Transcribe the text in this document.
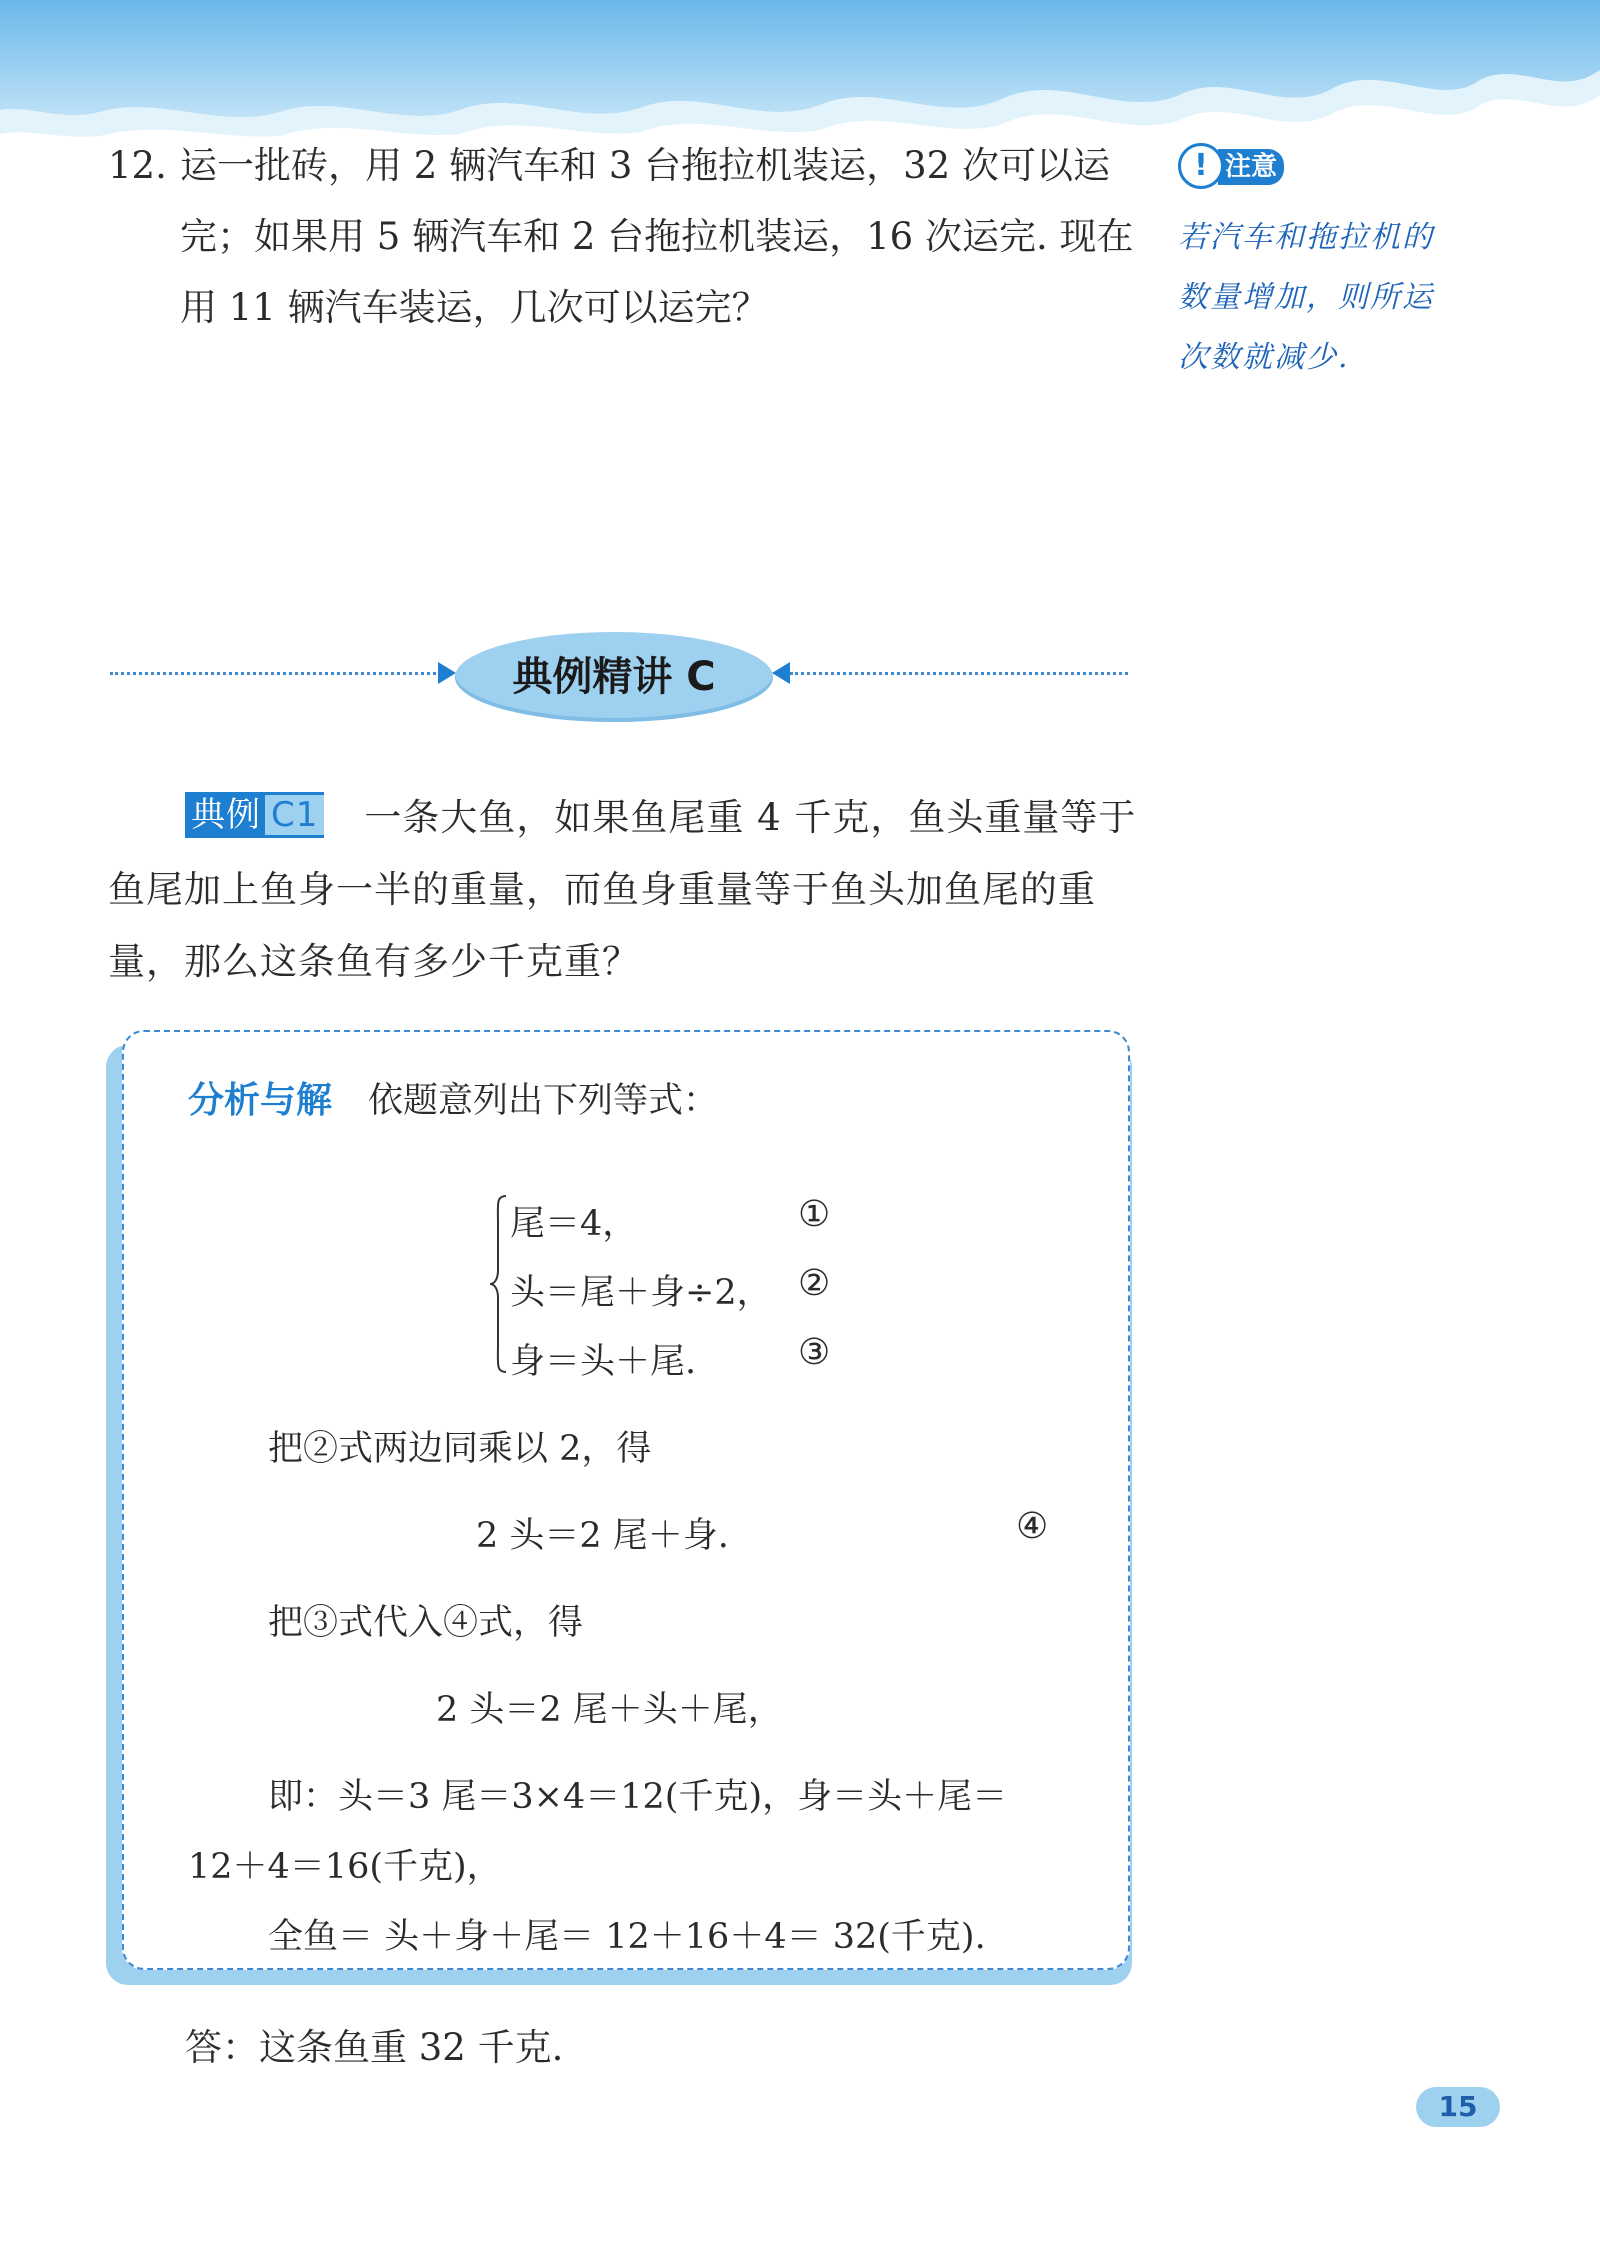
12. 运一批砖，用 2 辆汽车和 3 台拖拉机装运，32 次可以运
完；如果用 5 辆汽车和 2 台拖拉机装运，16 次运完. 现在
用 11 辆汽车装运，几次可以运完？
注意
!
若汽车和拖拉机的
数量增加，则所运
次数就减少.
典例精讲 C
典例 C1 一条大鱼，如果鱼尾重 4 千克，鱼头重量等于
鱼尾加上鱼身一半的重量，而鱼身重量等于鱼头加鱼尾的重
量，那么这条鱼有多少千克重？
分析与解 依题意列出下列等式：
尾＝4，	①
头＝尾＋身÷2， ②
身＝头＋尾.	③
把②式两边同乘以 2，得
2 头＝2 尾＋身.	④
把③式代入④式，得
2 头＝2 尾＋头＋尾，
即：头＝3 尾＝3×4＝12(千克)，身＝头＋尾＝
12＋4＝16(千克)，
全鱼＝ 头＋身＋尾＝ 12＋16＋4＝ 32(千克).
答：这条鱼重 32 千克.
15
